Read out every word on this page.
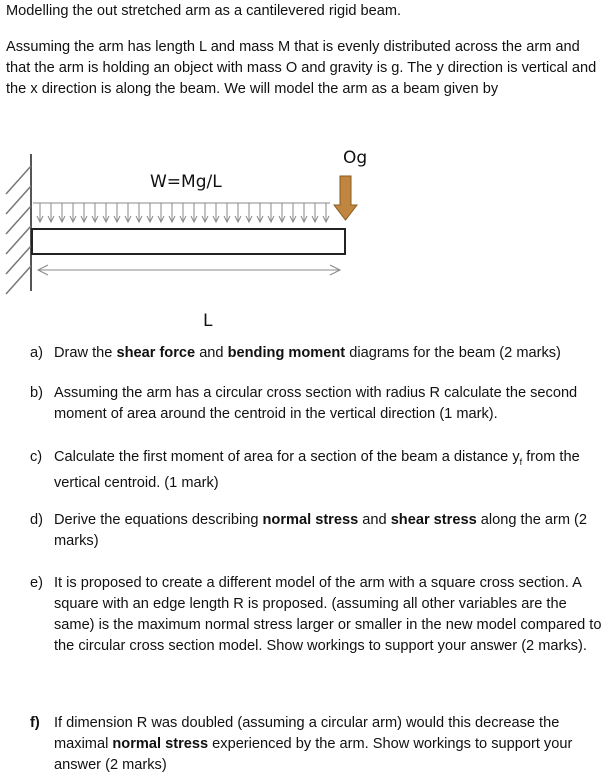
Modelling the out stretched arm as a cantilevered rigid beam.
Assuming the arm has length L and mass M that is evenly distributed across the arm and that the arm is holding an object with mass O and gravity is g. The y direction is vertical and the x direction is along the beam. We will model the arm as a beam given by
W=Mg/L
Og
L
a) Draw the shear force and bending moment diagrams for the beam (2 marks)
b) Assuming the arm has a circular cross section with radius R calculate the second moment of area around the centroid in the vertical direction (1 mark).
c) Calculate the first moment of area for a section of the beam a distance $y_f$ from the vertical centroid. (1 mark)
d) Derive the equations describing normal stress and shear stress along the arm (2 marks)
e) It is proposed to create a different model of the arm with a square cross section. A square with an edge length R is proposed. (assuming all other variables are the same) is the maximum normal stress larger or smaller in the new model compared to the circular cross section model. Show workings to support your answer (2 marks).
f) If dimension R was doubled (assuming a circular arm) would this decrease the maximal normal stress experienced by the arm. Show workings to support your answer (2 marks)
